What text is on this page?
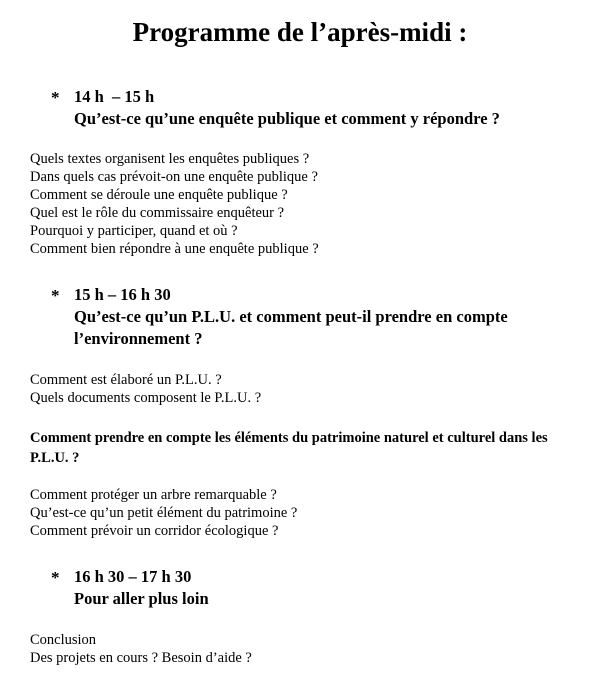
Programme de l’après-midi :
* 14 h  – 15 h
Qu’est-ce qu’une enquête publique et comment y répondre ?
Quels textes organisent les enquêtes publiques ?
Dans quels cas prévoit-on une enquête publique ?
Comment se déroule une enquête publique ?
Quel est le rôle du commissaire enquêteur ?
Pourquoi y participer, quand et où ?
Comment bien répondre à une enquête publique ?
* 15 h – 16 h 30
Qu’est-ce qu’un P.L.U. et comment peut-il prendre en compte l’environnement ?
Comment est élaboré un P.L.U. ?
Quels documents composent le P.L.U. ?
Comment prendre en compte les éléments du patrimoine naturel et culturel dans les P.L.U. ?
Comment protéger un arbre remarquable ?
Qu’est-ce qu’un petit élément du patrimoine ?
Comment prévoir un corridor écologique ?
* 16 h 30 – 17 h 30
Pour aller plus loin
Conclusion
Des projets en cours ? Besoin d’aide ?
